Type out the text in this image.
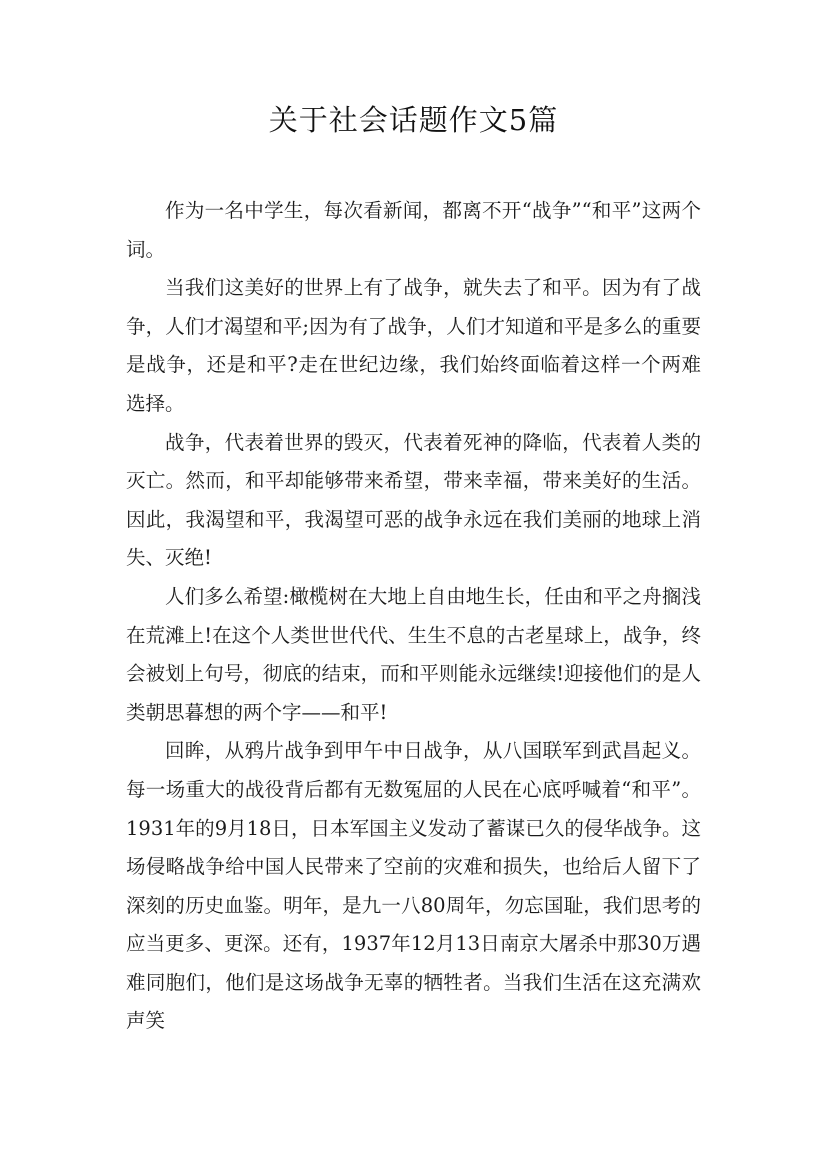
关于社会话题作文5篇

作为一名中学生，每次看新闻，都离不开“战争”“和平”这两个词。

当我们这美好的世界上有了战争，就失去了和平。因为有了战争，人们才渴望和平;因为有了战争，人们才知道和平是多么的重要是战争，还是和平?走在世纪边缘，我们始终面临着这样一个两难选择。

战争，代表着世界的毁灭，代表着死神的降临，代表着人类的灭亡。然而，和平却能够带来希望，带来幸福，带来美好的生活。因此，我渴望和平，我渴望可恶的战争永远在我们美丽的地球上消失、灭绝!

人们多么希望:橄榄树在大地上自由地生长，任由和平之舟搁浅在荒滩上!在这个人类世世代代、生生不息的古老星球上，战争，终会被划上句号，彻底的结束，而和平则能永远继续!迎接他们的是人类朝思暮想的两个字——和平!

回眸，从鸦片战争到甲午中日战争，从八国联军到武昌起义。每一场重大的战役背后都有无数冤屈的人民在心底呼喊着“和平”。1931年的9月18日，日本军国主义发动了蓄谋已久的侵华战争。这场侵略战争给中国人民带来了空前的灾难和损失，也给后人留下了深刻的历史血鉴。明年，是九一八80周年，勿忘国耻，我们思考的应当更多、更深。还有，1937年12月13日南京大屠杀中那30万遇难同胞们，他们是这场战争无辜的牺牲者。当我们生活在这充满欢声笑
